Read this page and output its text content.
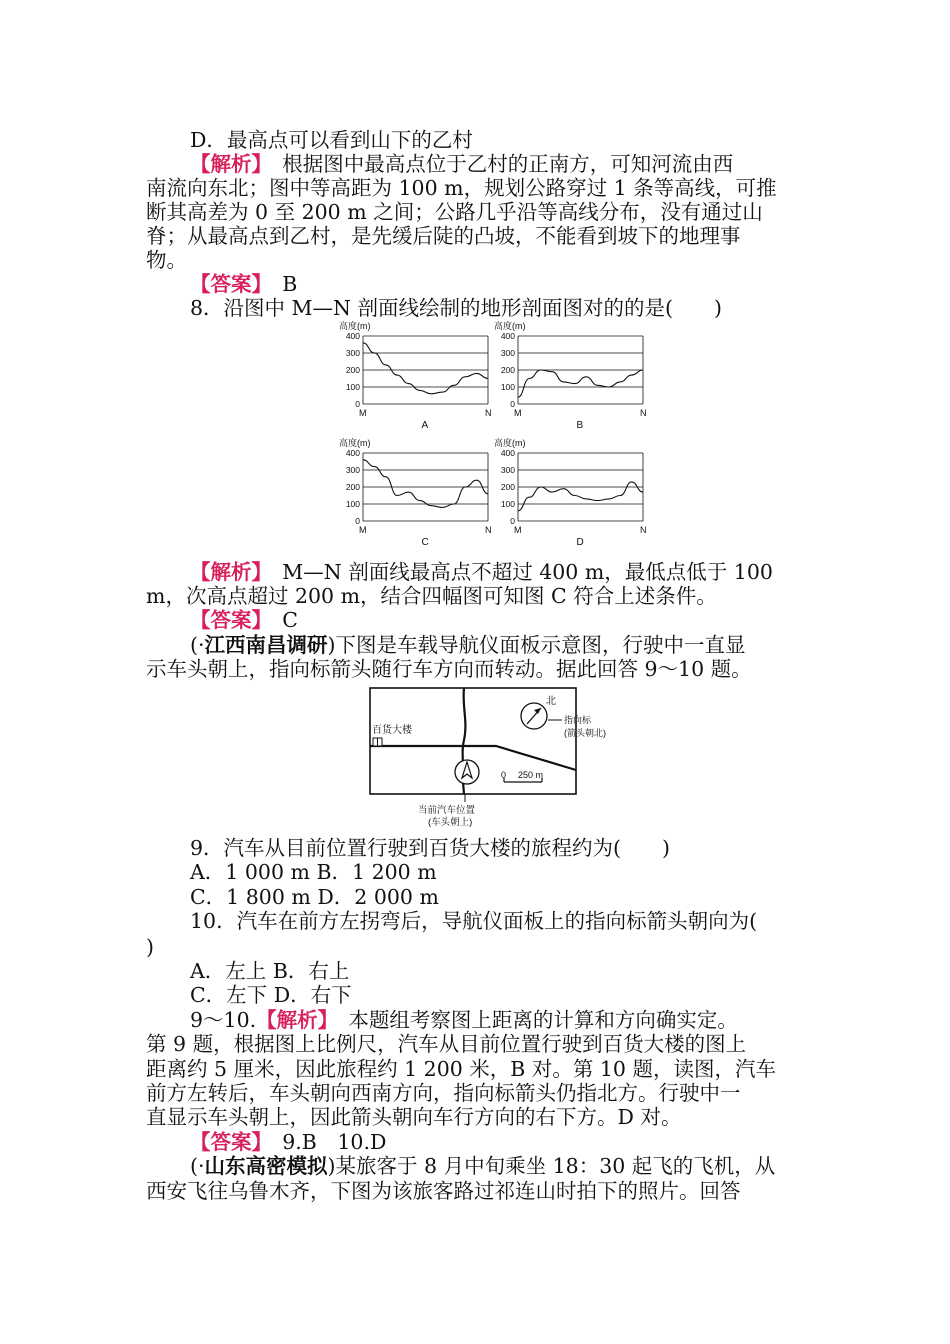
D．最高点可以看到山下的乙村
【解析】　根据图中最高点位于乙村的正南方，可知河流由西
南流向东北；图中等高距为 100 m，规划公路穿过 1 条等高线，可推
断其高差为 0 至 200 m 之间；公路几乎沿等高线分布，没有通过山
脊；从最高点到乙村，是先缓后陡的凸坡，不能看到坡下的地理事
物。
【答案】　B
8．沿图中 M—N 剖面线绘制的地形剖面图对的的是(　　)
高度(m)
400
300
200
100
0
M	N
A
高度(m)
400
300
200
100
0
M	N
B
高度(m)
400
300
200
100
0
M	N
C
高度(m)
400
300
200
100
0
M	N
D
【解析】　M—N 剖面线最高点不超过 400 m，最低点低于 100
m，次高点超过 200 m，结合四幅图可知图 C 符合上述条件。
【答案】　C
(·江西南昌调研)下图是车载导航仪面板示意图，行驶中一直显
示车头朝上，指向标箭头随行车方向而转动。据此回答 9～10 题。
百货大楼
北
指向标
(箭头朝北)
0 250 m
当前汽车位置
(车头朝上)
9．汽车从目前位置行驶到百货大楼的旅程约为(　　)
A．1 000 m B．1 200 m
C．1 800 m D．2 000 m
10．汽车在前方左拐弯后，导航仪面板上的指向标箭头朝向为(
)
A．左上 B．右上
C．左下 D．右下
9～10.【解析】　本题组考察图上距离的计算和方向确实定。
第 9 题，根据图上比例尺，汽车从目前位置行驶到百货大楼的图上
距离约 5 厘米，因此旅程约 1 200 米，B 对。第 10 题，读图，汽车
前方左转后，车头朝向西南方向，指向标箭头仍指北方。行驶中一
直显示车头朝上，因此箭头朝向车行方向的右下方。D 对。
【答案】　9.B　10.D
(·山东高密模拟)某旅客于 8 月中旬乘坐 18：30 起飞的飞机，从
西安飞往乌鲁木齐，下图为该旅客路过祁连山时拍下的照片。回答
